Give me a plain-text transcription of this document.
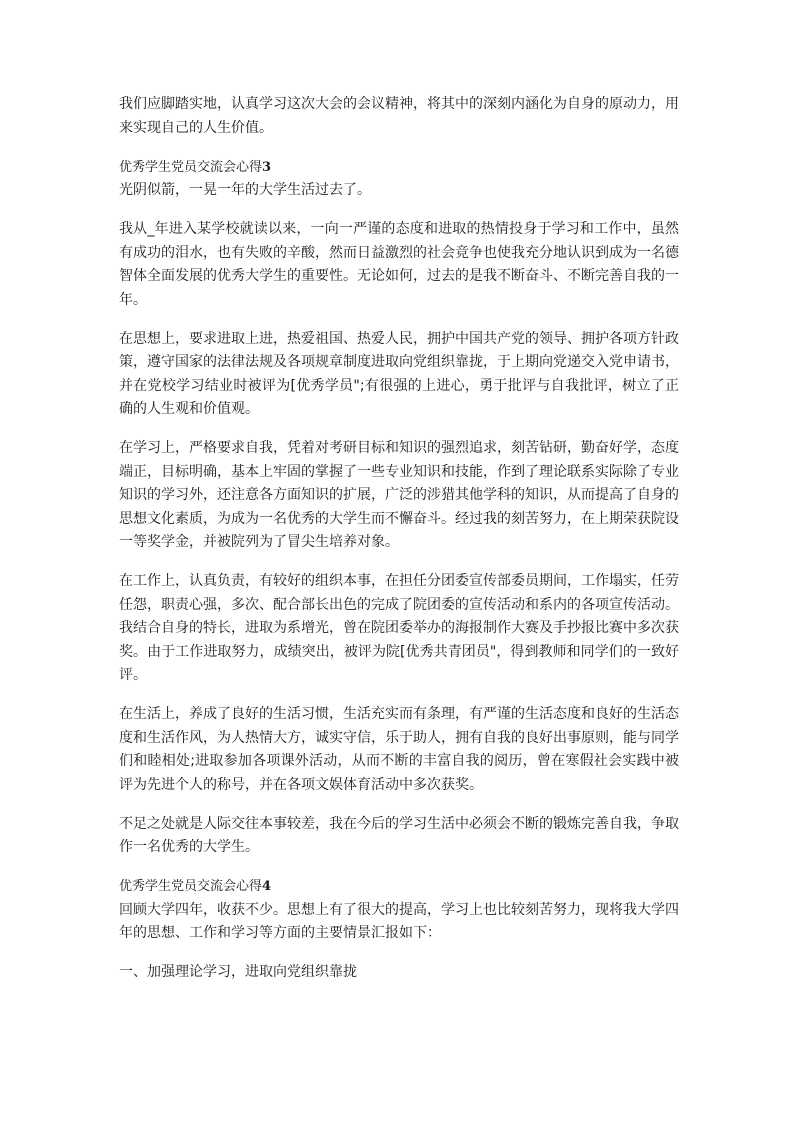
我们应脚踏实地，认真学习这次大会的会议精神，将其中的深刻内涵化为自身的原动力，用来实现自己的人生价值。

优秀学生党员交流会心得3

光阴似箭，一晃一年的大学生活过去了。

我从_年进入某学校就读以来，一向一严谨的态度和进取的热情投身于学习和工作中，虽然有成功的泪水，也有失败的辛酸，然而日益激烈的社会竞争也使我充分地认识到成为一名德智体全面发展的优秀大学生的重要性。无论如何，过去的是我不断奋斗、不断完善自我的一年。

在思想上，要求进取上进，热爱祖国、热爱人民，拥护中国共产党的领导、拥护各项方针政策，遵守国家的法律法规及各项规章制度进取向党组织靠拢，于上期向党递交入党申请书，并在党校学习结业时被评为[优秀学员";有很强的上进心，勇于批评与自我批评，树立了正确的人生观和价值观。

在学习上，严格要求自我，凭着对考研目标和知识的强烈追求，刻苦钻研，勤奋好学，态度端正，目标明确，基本上牢固的掌握了一些专业知识和技能，作到了理论联系实际除了专业知识的学习外，还注意各方面知识的扩展，广泛的涉猎其他学科的知识，从而提高了自身的思想文化素质，为成为一名优秀的大学生而不懈奋斗。经过我的刻苦努力，在上期荣获院设一等奖学金，并被院列为了冒尖生培养对象。

在工作上，认真负责，有较好的组织本事，在担任分团委宣传部委员期间，工作塌实，任劳任怨，职责心强，多次、配合部长出色的完成了院团委的宣传活动和系内的各项宣传活动。我结合自身的特长，进取为系增光，曾在院团委举办的海报制作大赛及手抄报比赛中多次获奖。由于工作进取努力，成绩突出，被评为院[优秀共青团员"，得到教师和同学们的一致好评。

在生活上，养成了良好的生活习惯，生活充实而有条理，有严谨的生活态度和良好的生活态度和生活作风，为人热情大方，诚实守信，乐于助人，拥有自我的良好出事原则，能与同学们和睦相处;进取参加各项课外活动，从而不断的丰富自我的阅历，曾在寒假社会实践中被评为先进个人的称号，并在各项文娱体育活动中多次获奖。

不足之处就是人际交往本事较差，我在今后的学习生活中必须会不断的锻炼完善自我，争取作一名优秀的大学生。

优秀学生党员交流会心得4

回顾大学四年，收获不少。思想上有了很大的提高，学习上也比较刻苦努力，现将我大学四年的思想、工作和学习等方面的主要情景汇报如下：

一、加强理论学习，进取向党组织靠拢
